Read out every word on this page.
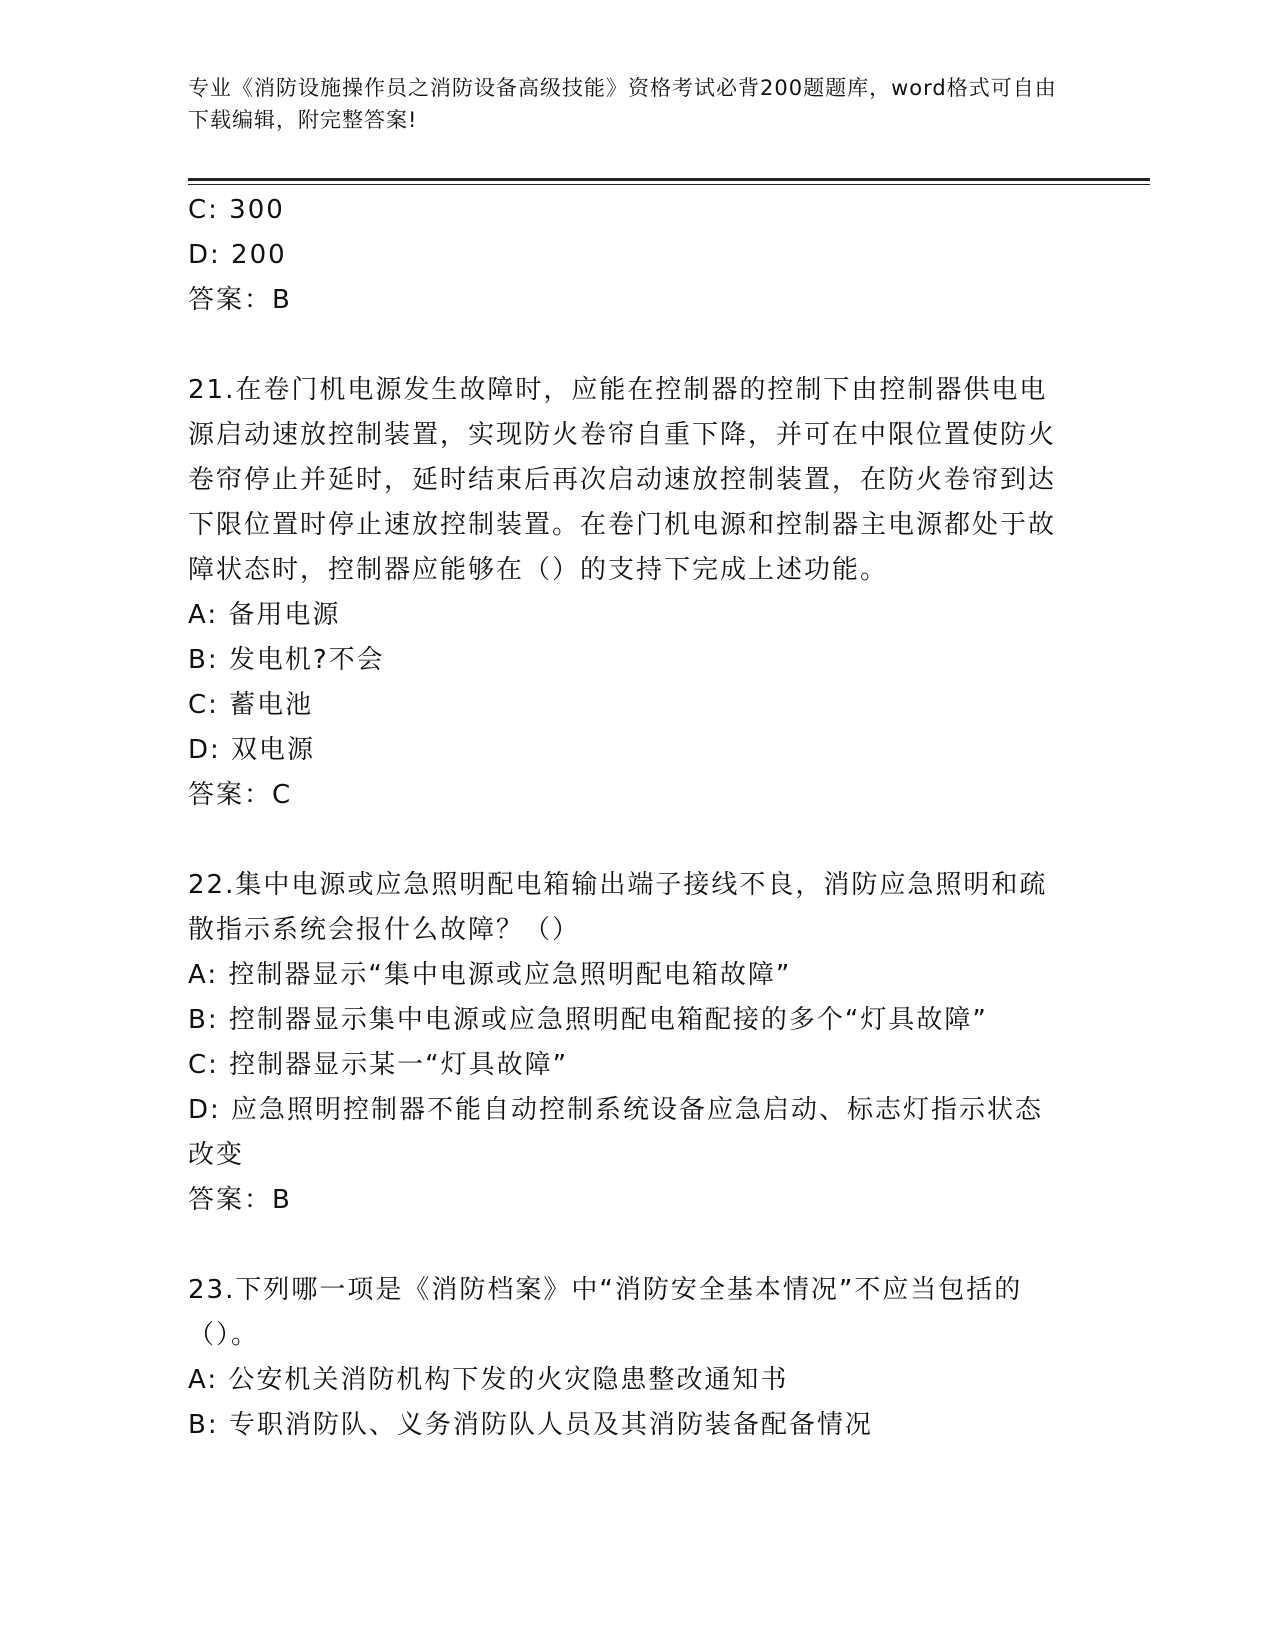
专业《消防设施操作员之消防设备高级技能》资格考试必背200题题库，word格式可自由下载编辑，附完整答案!

C: 300

D: 200

答案：B

21.在卷门机电源发生故障时，应能在控制器的控制下由控制器供电电源启动速放控制装置，实现防火卷帘自重下降，并可在中限位置使防火卷帘停止并延时，延时结束后再次启动速放控制装置，在防火卷帘到达下限位置时停止速放控制装置。在卷门机电源和控制器主电源都处于故障状态时，控制器应能够在（）的支持下完成上述功能。

A: 备用电源

B: 发电机?不会

C: 蓄电池

D: 双电源

答案：C

22.集中电源或应急照明配电箱输出端子接线不良，消防应急照明和疏散指示系统会报什么故障？（）

A: 控制器显示“集中电源或应急照明配电箱故障”

B: 控制器显示集中电源或应急照明配电箱配接的多个“灯具故障”

C: 控制器显示某一“灯具故障”

D: 应急照明控制器不能自动控制系统设备应急启动、标志灯指示状态改变

答案：B

23.下列哪一项是《消防档案》中“消防安全基本情况”不应当包括的（）。

A: 公安机关消防机构下发的火灾隐患整改通知书

B: 专职消防队、义务消防队人员及其消防装备配备情况
